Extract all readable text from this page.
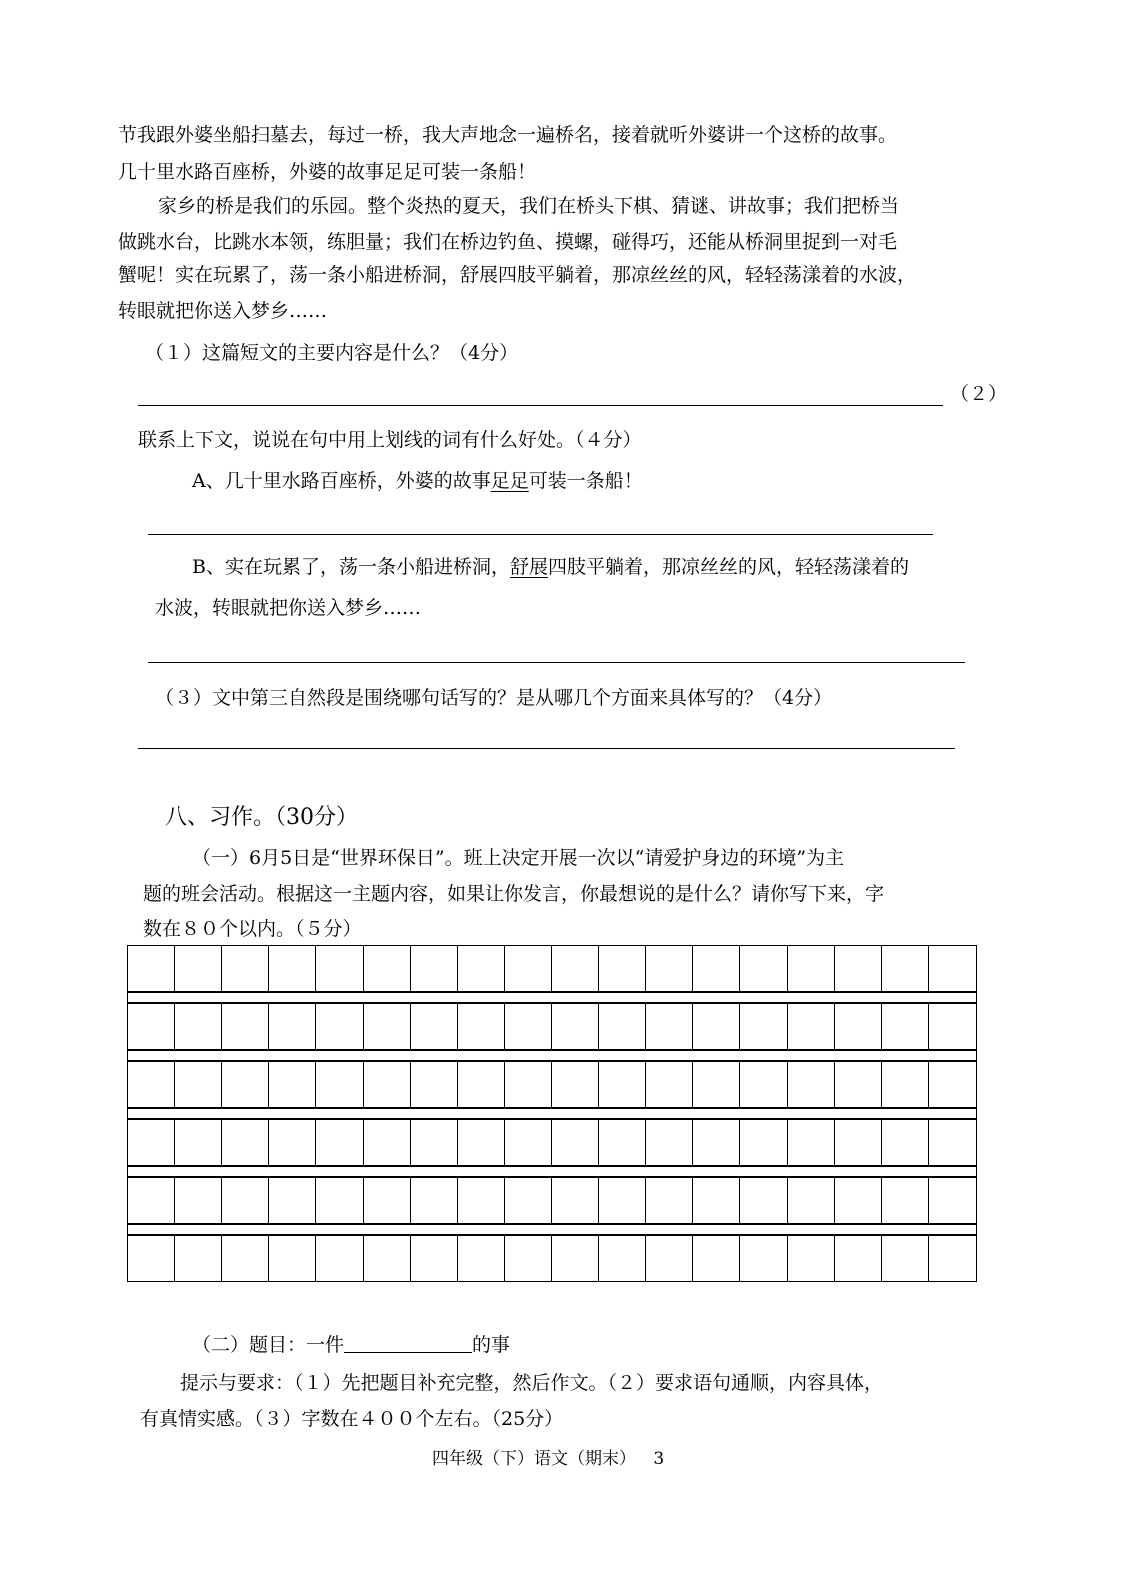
节我跟外婆坐船扫墓去，每过一桥，我大声地念一遍桥名，接着就听外婆讲一个这桥的故事。
几十里水路百座桥，外婆的故事足足可装一条船！
家乡的桥是我们的乐园。整个炎热的夏天，我们在桥头下棋、猜谜、讲故事；我们把桥当
做跳水台，比跳水本领，练胆量；我们在桥边钓鱼、摸螺，碰得巧，还能从桥洞里捉到一对毛
蟹呢！实在玩累了，荡一条小船进桥洞，舒展四肢平躺着，那凉丝丝的风，轻轻荡漾着的水波，
转眼就把你送入梦乡……
（１）这篇短文的主要内容是什么？（4分）
（２）
联系上下文，说说在句中用上划线的词有什么好处。（４分）
A、几十里水路百座桥，外婆的故事足足可装一条船！
B、实在玩累了，荡一条小船进桥洞，舒展四肢平躺着，那凉丝丝的风，轻轻荡漾着的
水波，转眼就把你送入梦乡……
（３）文中第三自然段是围绕哪句话写的？是从哪几个方面来具体写的？（4分）
八、习作。（30分）
（一）6月5日是“世界环保日”。班上决定开展一次以“请爱护身边的环境”为主
题的班会活动。根据这一主题内容，如果让你发言，你最想说的是什么？请你写下来，字
数在８０个以内。（５分）
（二）题目：一件	的事
提示与要求：（１）先把题目补充完整，然后作文。（２）要求语句通顺，内容具体，
有真情实感。（３）字数在４００个左右。（25分）
四年级（下）语文（期末） 3
